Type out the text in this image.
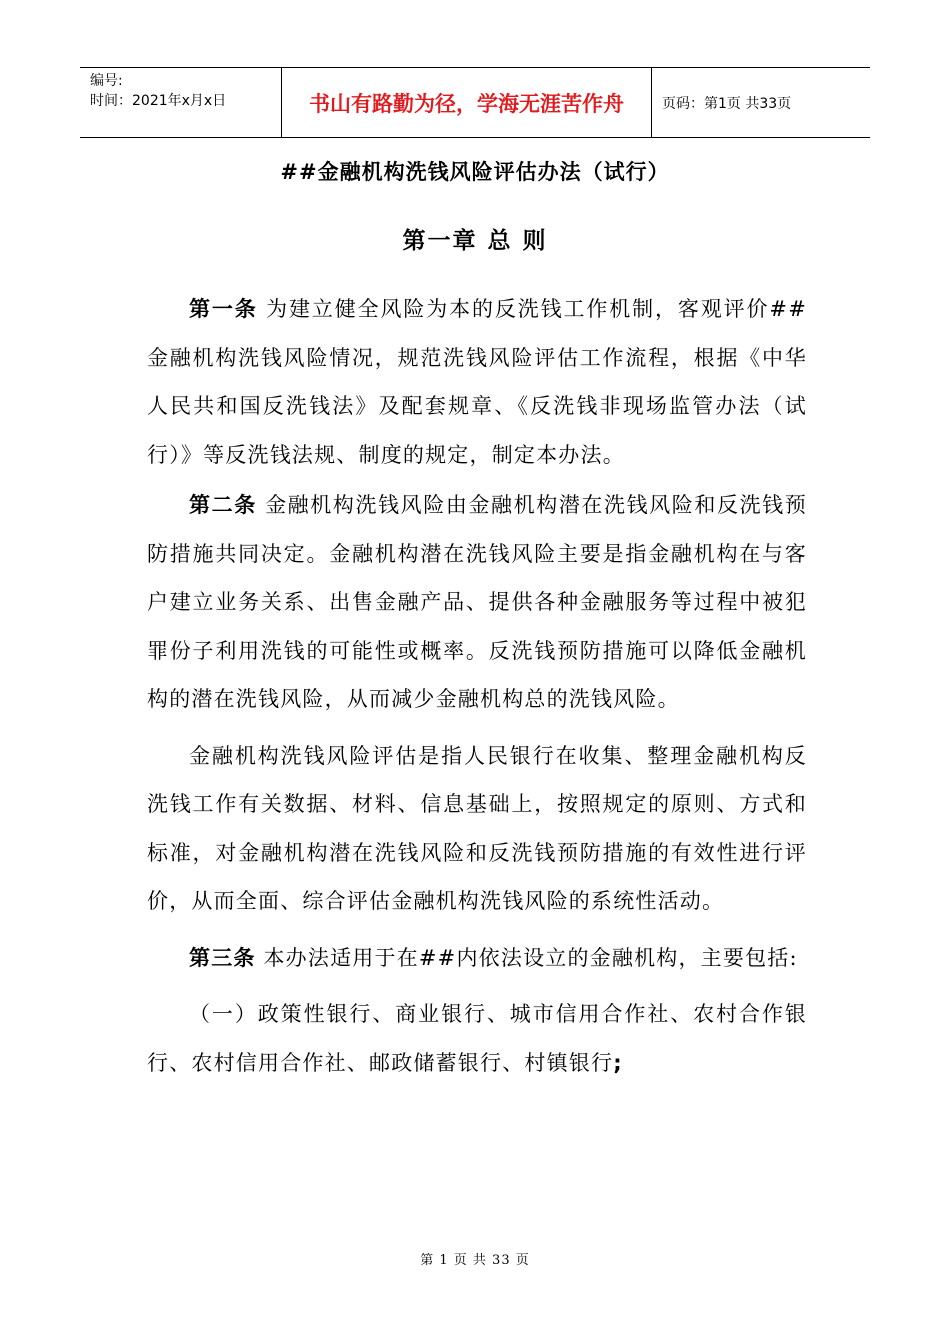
编号:
时间：2021年x月x日	书山有路勤为径，学海无涯苦作舟	页码：第1页 共33页
##金融机构洗钱风险评估办法（试行）
第一章 总 则

第一条 为建立健全风险为本的反洗钱工作机制，客观评价##金融机构洗钱风险情况，规范洗钱风险评估工作流程，根据《中华人民共和国反洗钱法》及配套规章、《反洗钱非现场监管办法（试行）》等反洗钱法规、制度的规定，制定本办法。

第二条 金融机构洗钱风险由金融机构潜在洗钱风险和反洗钱预防措施共同决定。金融机构潜在洗钱风险主要是指金融机构在与客户建立业务关系、出售金融产品、提供各种金融服务等过程中被犯罪份子利用洗钱的可能性或概率。反洗钱预防措施可以降低金融机构的潜在洗钱风险，从而减少金融机构总的洗钱风险。

金融机构洗钱风险评估是指人民银行在收集、整理金融机构反洗钱工作有关数据、材料、信息基础上，按照规定的原则、方式和标准，对金融机构潜在洗钱风险和反洗钱预防措施的有效性进行评价，从而全面、综合评估金融机构洗钱风险的系统性活动。

第三条 本办法适用于在##内依法设立的金融机构，主要包括:

（一）政策性银行、商业银行、城市信用合作社、农村合作银行、农村信用合作社、邮政储蓄银行、村镇银行;

第 1 页 共 33 页
